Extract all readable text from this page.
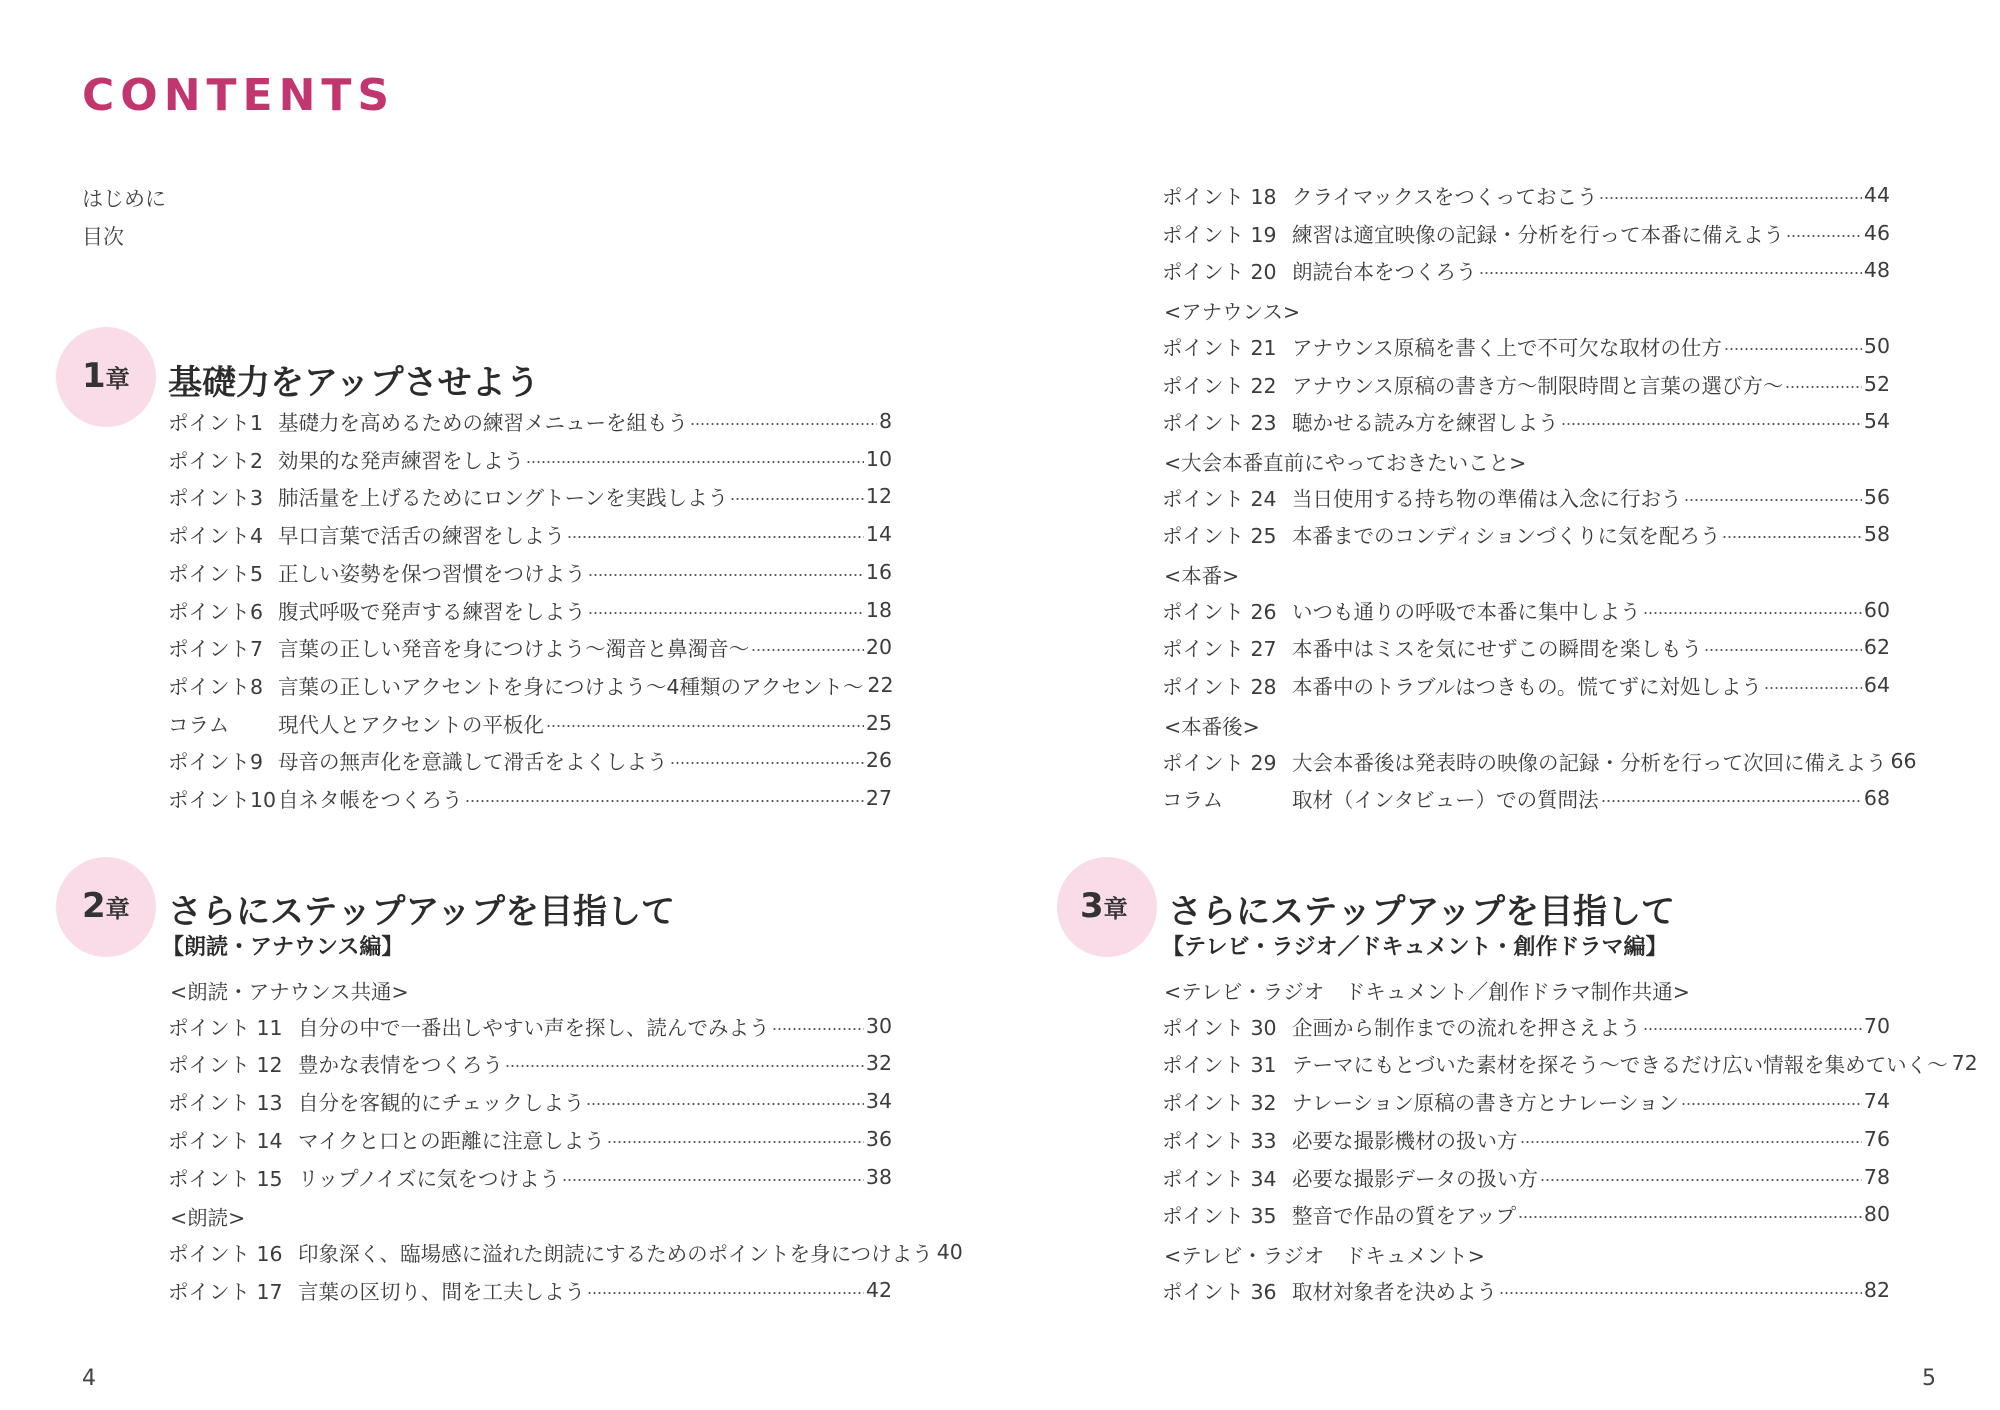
CONTENTS
はじめに
目次
1章 基礎力をアップさせよう
ポイント1 基礎力を高めるための練習メニューを組もう	8
ポイント2 効果的な発声練習をしよう	10
ポイント3 肺活量を上げるためにロングトーンを実践しよう	12
ポイント4 早口言葉で活舌の練習をしよう	14
ポイント5 正しい姿勢を保つ習慣をつけよう	16
ポイント6 腹式呼吸で発声する練習をしよう	18
ポイント7 言葉の正しい発音を身につけよう〜濁音と鼻濁音〜	20
ポイント8 言葉の正しいアクセントを身につけよう〜4種類のアクセント〜 22
コラム	現代人とアクセントの平板化	25
ポイント9 母音の無声化を意識して滑舌をよくしよう	26
ポイント10 自ネタ帳をつくろう	27
2章 さらにステップアップを目指して
【朗読・アナウンス編】
<朗読・アナウンス共通>
ポイント 11 自分の中で一番出しやすい声を探し、読んでみよう	30
ポイント 12 豊かな表情をつくろう	32
ポイント 13 自分を客観的にチェックしよう	34
ポイント 14 マイクと口との距離に注意しよう	36
ポイント 15 リップノイズに気をつけよう	38
<朗読>
ポイント 16 印象深く、臨場感に溢れた朗読にするためのポイントを身につけよう 40
ポイント 17 言葉の区切り、間を工夫しよう	42
4
ポイント 18 クライマックスをつくっておこう	44
ポイント 19 練習は適宜映像の記録・分析を行って本番に備えよう	46
ポイント 20 朗読台本をつくろう	48
<アナウンス>
ポイント 21 アナウンス原稿を書く上で不可欠な取材の仕方	50
ポイント 22 アナウンス原稿の書き方〜制限時間と言葉の選び方〜	52
ポイント 23 聴かせる読み方を練習しよう	54
<大会本番直前にやっておきたいこと>
ポイント 24 当日使用する持ち物の準備は入念に行おう	56
ポイント 25 本番までのコンディションづくりに気を配ろう	58
<本番>
ポイント 26 いつも通りの呼吸で本番に集中しよう	60
ポイント 27 本番中はミスを気にせずこの瞬間を楽しもう	62
ポイント 28 本番中のトラブルはつきもの。慌てずに対処しよう	64
<本番後>
ポイント 29 大会本番後は発表時の映像の記録・分析を行って次回に備えよう 66
コラム	取材（インタビュー）での質問法	68
3章 さらにステップアップを目指して
【テレビ・ラジオ／ドキュメント・創作ドラマ編】
<テレビ・ラジオ　ドキュメント／創作ドラマ制作共通>
ポイント 30 企画から制作までの流れを押さえよう	70
ポイント 31 テーマにもとづいた素材を探そう〜できるだけ広い情報を集めていく〜 72
ポイント 32 ナレーション原稿の書き方とナレーション	74
ポイント 33 必要な撮影機材の扱い方	76
ポイント 34 必要な撮影データの扱い方	78
ポイント 35 整音で作品の質をアップ	80
<テレビ・ラジオ　ドキュメント>
ポイント 36 取材対象者を決めよう	82
5
